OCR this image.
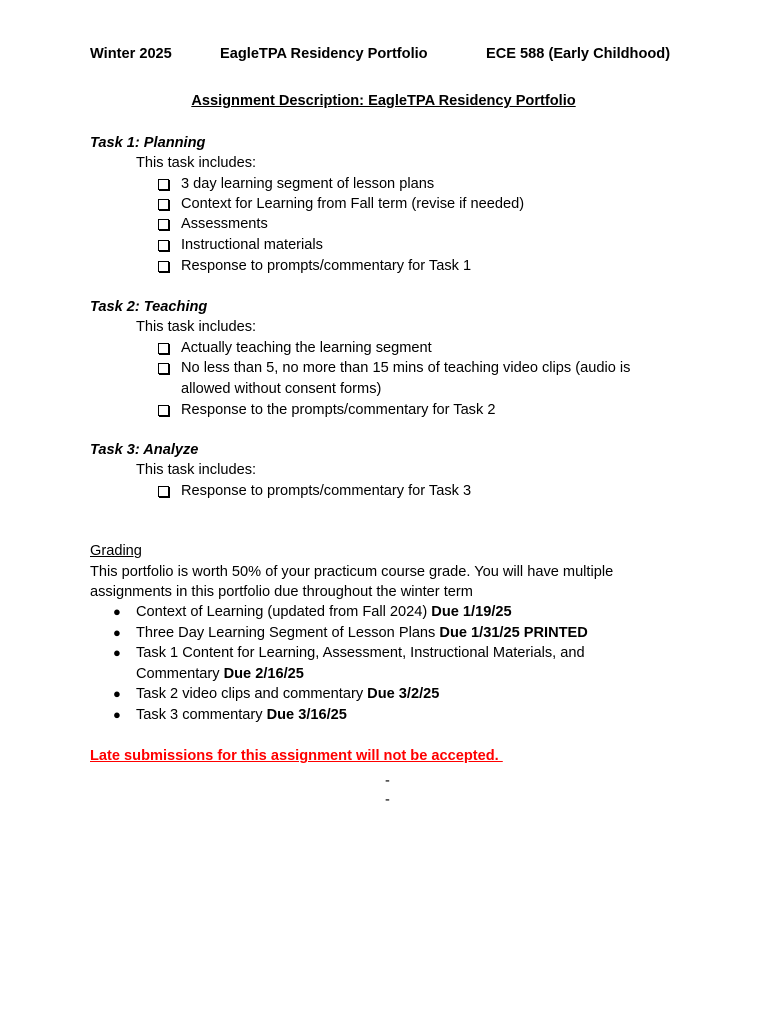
Winter 2025	EagleTPA Residency Portfolio	ECE 588 (Early Childhood)
Assignment Description: EagleTPA Residency Portfolio
Task 1: Planning
This task includes:
3 day learning segment of lesson plans
Context for Learning from Fall term (revise if needed)
Assessments
Instructional materials
Response to prompts/commentary for Task 1
Task 2: Teaching
This task includes:
Actually teaching the learning segment
No less than 5, no more than 15 mins of teaching video clips (audio is
allowed without consent forms)
Response to the prompts/commentary for Task 2
Task 3: Analyze
This task includes:
Response to prompts/commentary for Task 3
Grading
This portfolio is worth 50% of your practicum course grade. You will have multiple
assignments in this portfolio due throughout the winter term
● Context of Learning (updated from Fall 2024) Due 1/19/25
● Three Day Learning Segment of Lesson Plans Due 1/31/25 PRINTED
● Task 1 Content for Learning, Assessment, Instructional Materials, and
Commentary Due 2/16/25
● Task 2 video clips and commentary Due 3/2/25
● Task 3 commentary Due 3/16/25
Late submissions for this assignment will not be accepted.
-
-
